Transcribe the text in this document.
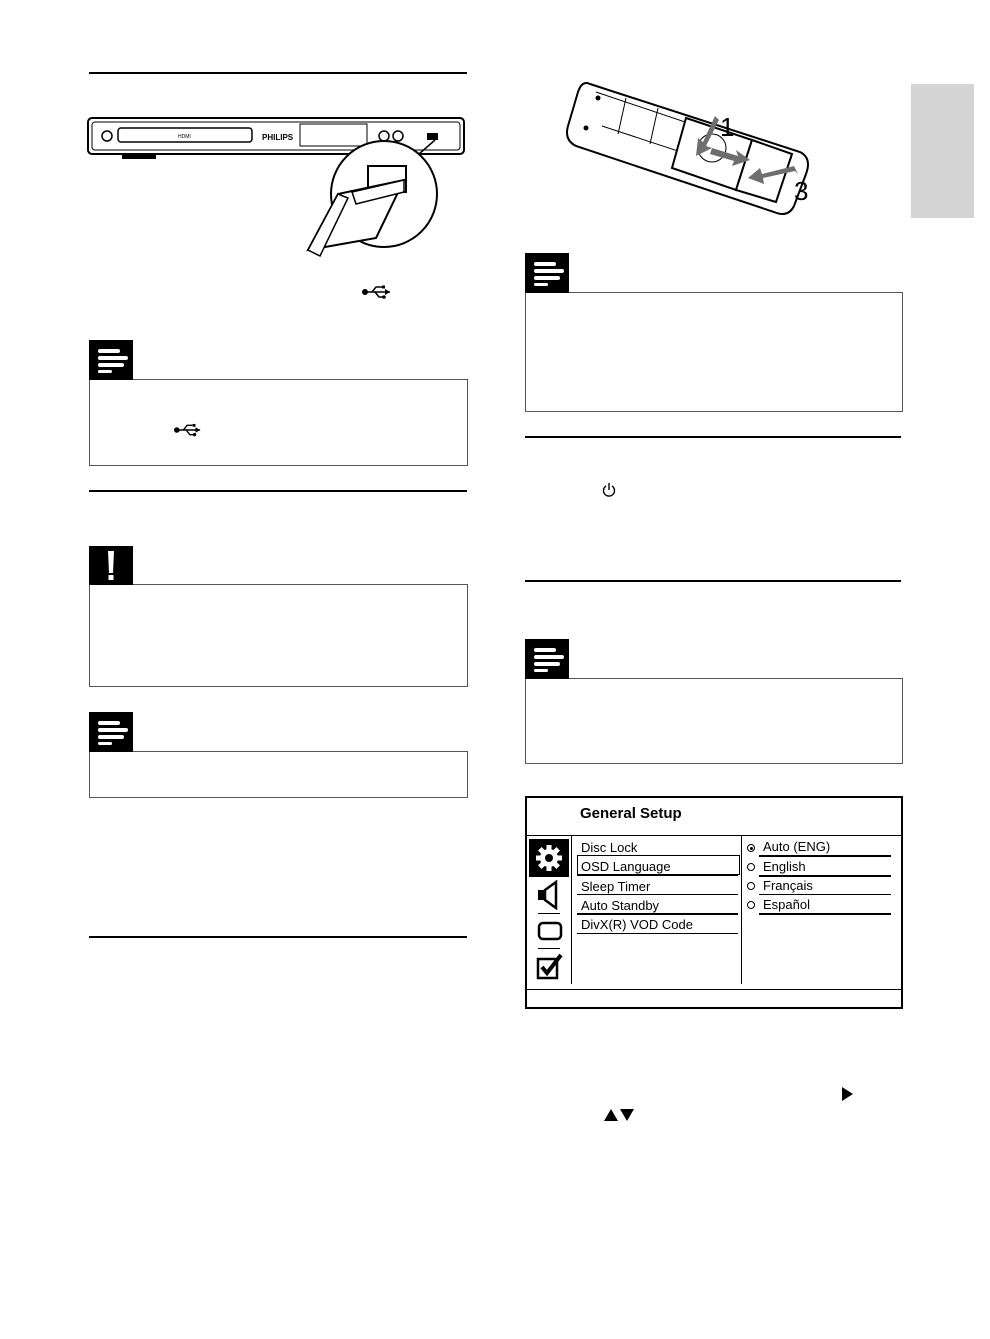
HDMI	PHILIPS	1
3
General Setup
Disc Lock
OSD Language
Sleep Timer
Auto Standby
DivX(R) VOD Code
Auto (ENG)
English
Français
Español
